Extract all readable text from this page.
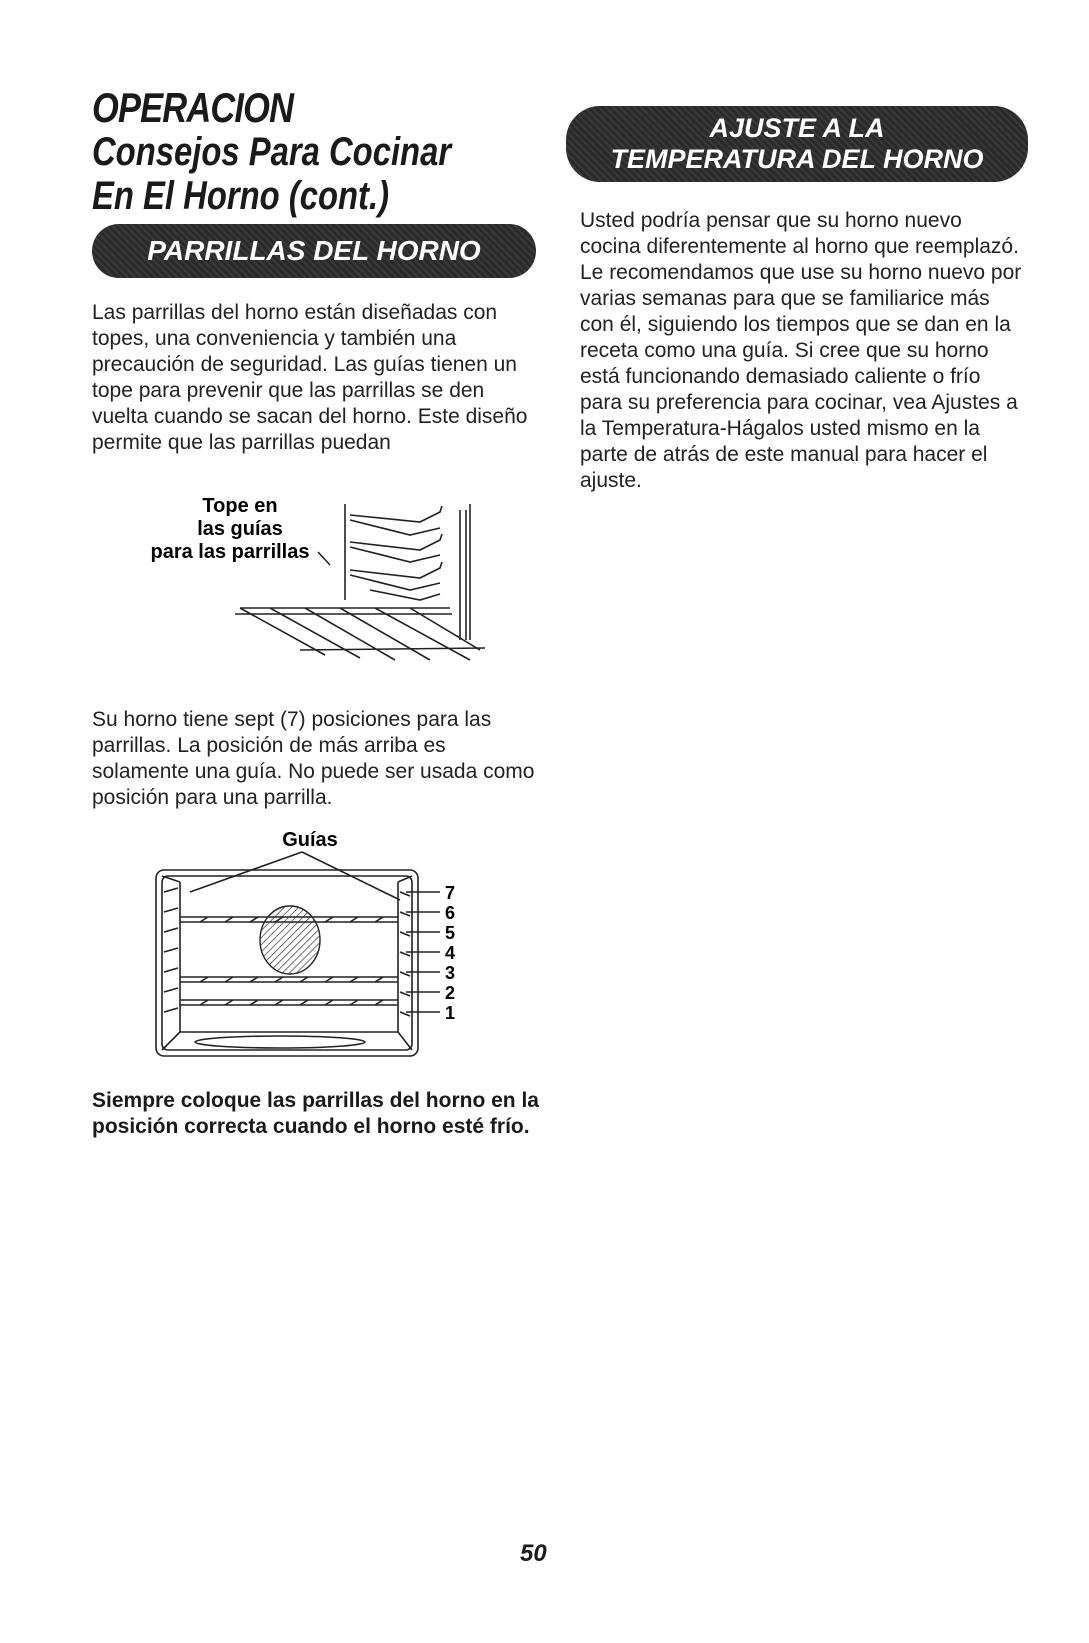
OPERACION
Consejos Para Cocinar
En El Horno (cont.)
PARRILLAS DEL HORNO

Las parrillas del horno están diseñadas con topes, una conveniencia y también una precaución de seguridad. Las guías tienen un tope para prevenir que las parrillas se den vuelta cuando se sacan del horno. Este diseño permite que las parrillas puedan

Tope en
las guías
para las parrillas

Su horno tiene sept (7) posiciones para las parrillas. La posición de más arriba es solamente una guía. No puede ser usada como posición para una parrilla.

Guías
7
6
5
4
3
2
1

Siempre coloque las parrillas del horno en la posición correcta cuando el horno esté frío.

AJUSTE A LA
TEMPERATURA DEL HORNO

Usted podría pensar que su horno nuevo cocina diferentemente al horno que reemplazó. Le recomendamos que use su horno nuevo por varias semanas para que se familiarice más con él, siguiendo los tiempos que se dan en la receta como una guía. Si cree que su horno está funcionando demasiado caliente o frío para su preferencia para cocinar, vea Ajustes a la Temperatura-Hágalos usted mismo en la parte de atrás de este manual para hacer el ajuste.

50
